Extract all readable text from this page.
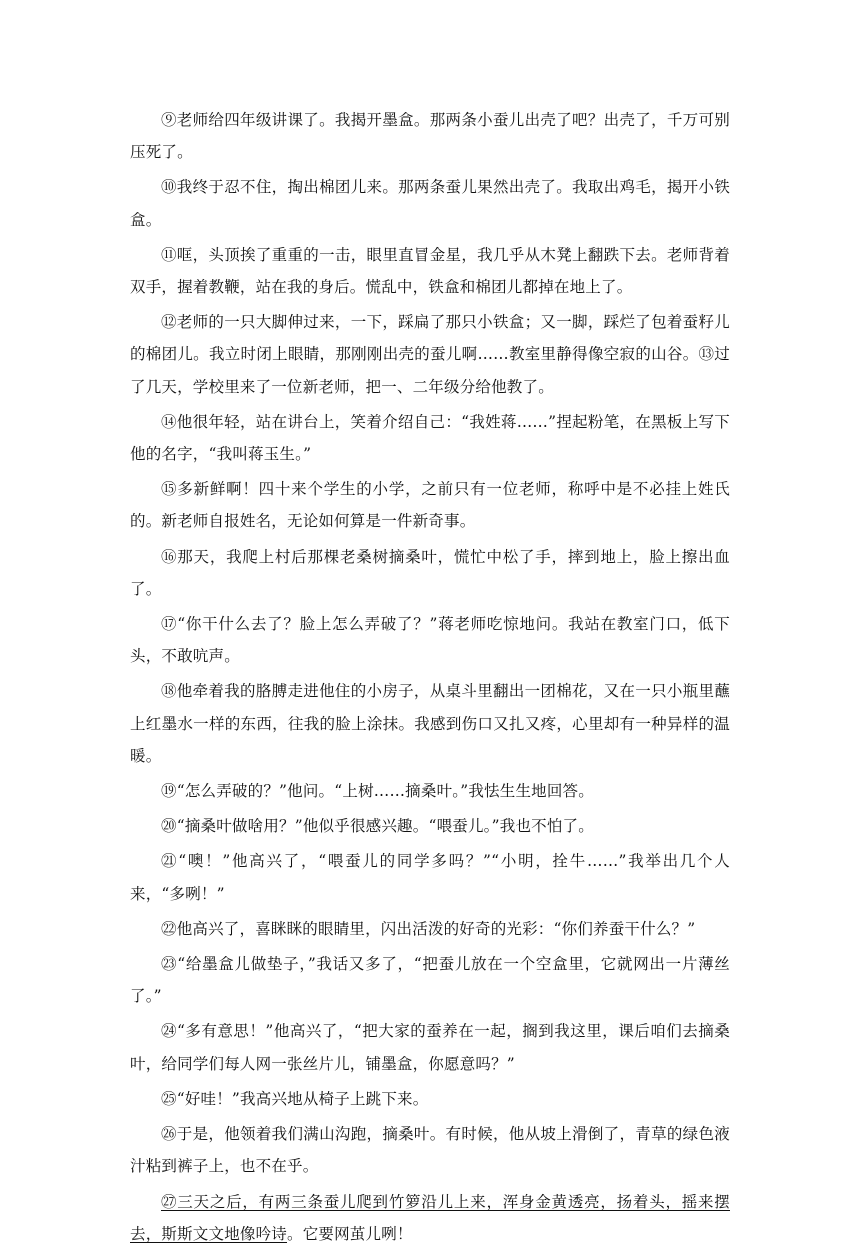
⑨老师给四年级讲课了。我揭开墨盒。那两条小蚕儿出壳了吧？出壳了，千万可别压死了。

⑩我终于忍不住，掏出棉团儿来。那两条蚕儿果然出壳了。我取出鸡毛，揭开小铁盒。

⑪哐，头顶挨了重重的一击，眼里直冒金星，我几乎从木凳上翻跌下去。老师背着双手，握着教鞭，站在我的身后。慌乱中，铁盒和棉团儿都掉在地上了。

⑫老师的一只大脚伸过来，一下，踩扁了那只小铁盒；又一脚，踩烂了包着蚕籽儿的棉团儿。我立时闭上眼睛，那刚刚出壳的蚕儿啊……教室里静得像空寂的山谷。⑬过了几天，学校里来了一位新老师，把一、二年级分给他教了。

⑭他很年轻，站在讲台上，笑着介绍自己：“我姓蒋……”捏起粉笔，在黑板上写下他的名字，“我叫蒋玉生。”

⑮多新鲜啊！四十来个学生的小学，之前只有一位老师，称呼中是不必挂上姓氏的。新老师自报姓名，无论如何算是一件新奇事。

⑯那天，我爬上村后那棵老桑树摘桑叶，慌忙中松了手，摔到地上，脸上擦出血了。

⑰“你干什么去了？脸上怎么弄破了？”蒋老师吃惊地问。我站在教室门口，低下头，不敢吭声。

⑱他牵着我的胳膊走进他住的小房子，从桌斗里翻出一团棉花，又在一只小瓶里蘸上红墨水一样的东西，往我的脸上涂抹。我感到伤口又扎又疼，心里却有一种异样的温暖。

⑲“怎么弄破的？”他问。“上树……摘桑叶。”我怯生生地回答。

⑳“摘桑叶做啥用？”他似乎很感兴趣。“喂蚕儿。”我也不怕了。

㉑“噢！”他高兴了，“喂蚕儿的同学多吗？”“小明，拴牛……”我举出几个人来，“多咧！”

㉒他高兴了，喜眯眯的眼睛里，闪出活泼的好奇的光彩：“你们养蚕干什么？”

㉓“给墨盒儿做垫子，”我话又多了，“把蚕儿放在一个空盒里，它就网出一片薄丝了。”

㉔“多有意思！”他高兴了，“把大家的蚕养在一起，搁到我这里，课后咱们去摘桑叶，给同学们每人网一张丝片儿，铺墨盒，你愿意吗？”

㉕“好哇！”我高兴地从椅子上跳下来。

㉖于是，他领着我们满山沟跑，摘桑叶。有时候，他从坡上滑倒了，青草的绿色液汁粘到裤子上，也不在乎。

㉗三天之后，有两三条蚕儿爬到竹箩沿儿上来，浑身金黄透亮，扬着头，摇来摆去，斯斯文文地像吟诗。它要网茧儿咧！
